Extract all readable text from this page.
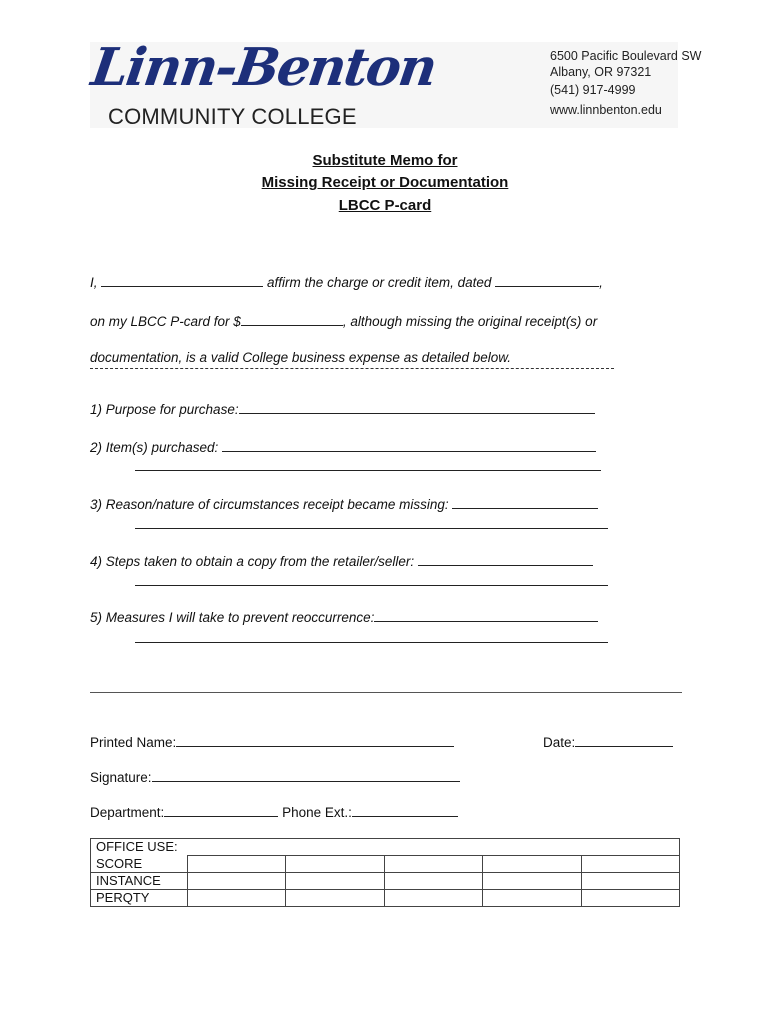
Linn-Benton
COMMUNITY COLLEGE
6500 Pacific Boulevard SW
Albany, OR 97321
(541) 917-4999
www.linnbenton.edu
Substitute Memo for
Missing Receipt or Documentation
LBCC P-card
I,	affirm the charge or credit item, dated	,
on my LBCC P-card for $	, although missing the original receipt(s) or
documentation, is a valid College business expense as detailed below.
1) Purpose for purchase:
2) Item(s) purchased:
3) Reason/nature of circumstances receipt became missing:
4) Steps taken to obtain a copy from the retailer/seller:
5) Measures I will take to prevent reoccurrence:
Printed Name:	Date:
Signature:
Department:	Phone Ext.:
OFFICE USE:					
SCORE					
INSTANCE					
PERQTY					
